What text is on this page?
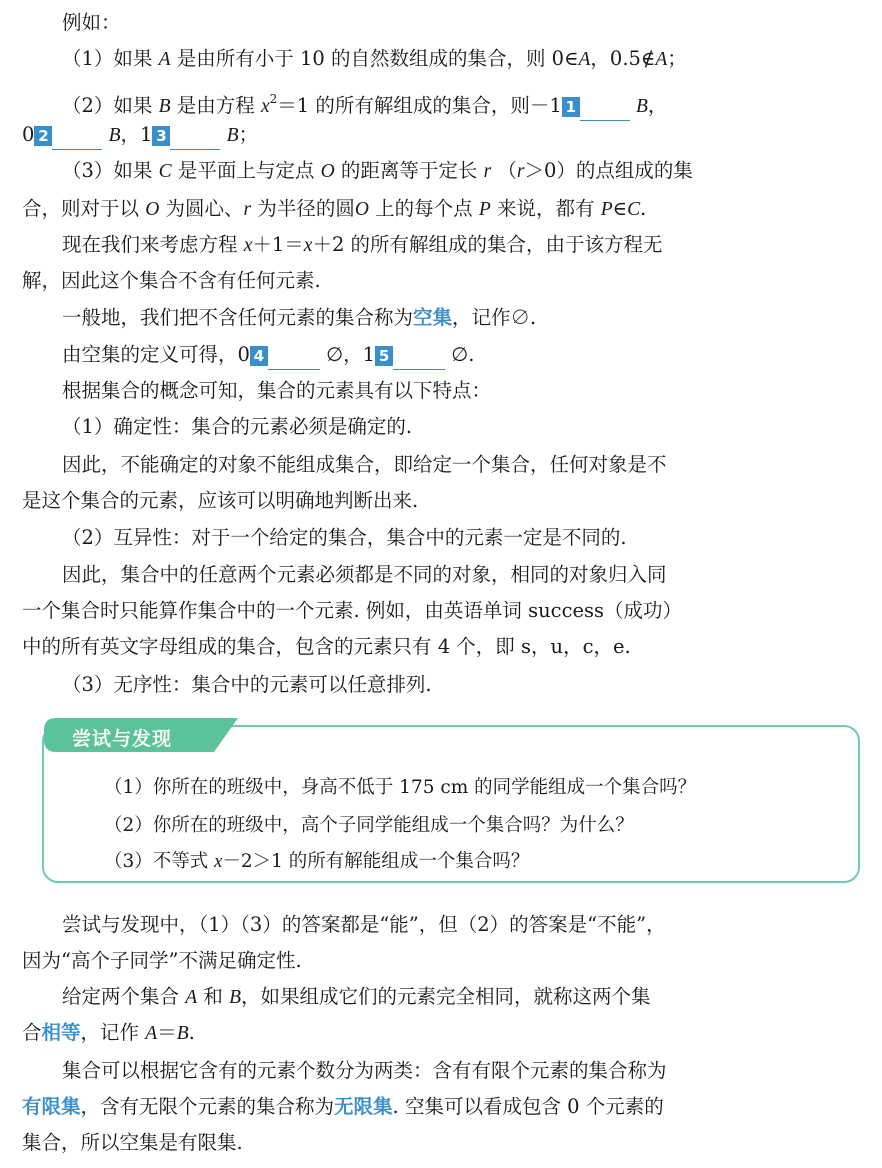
例如：
（1）如果 A 是由所有小于 10 的自然数组成的集合，则 0∈A，0.5∉A；
（2）如果 B 是由方程 $x^2=1$ 的所有解组成的集合，则－1 1	B，
0 2	B，1 3	B；
（3）如果 C 是平面上与定点 O 的距离等于定长 r （r＞0）的点组成的集
合，则对于以 O 为圆心、r 为半径的圆O 上的每个点 P 来说，都有 P∈C.
现在我们来考虑方程 x＋1＝x＋2 的所有解组成的集合，由于该方程无
解，因此这个集合不含有任何元素.
一般地，我们把不含任何元素的集合称为空集，记作∅.
由空集的定义可得，0 4	∅，1 5	∅.
根据集合的概念可知，集合的元素具有以下特点：
（1）确定性：集合的元素必须是确定的.
因此，不能确定的对象不能组成集合，即给定一个集合，任何对象是不
是这个集合的元素，应该可以明确地判断出来.
（2）互异性：对于一个给定的集合，集合中的元素一定是不同的.
因此，集合中的任意两个元素必须都是不同的对象，相同的对象归入同
一个集合时只能算作集合中的一个元素. 例如，由英语单词 success（成功）
中的所有英文字母组成的集合，包含的元素只有 4 个，即 s，u，c，e.
（3）无序性：集合中的元素可以任意排列.
尝试与发现
（1）你所在的班级中，身高不低于 175 cm 的同学能组成一个集合吗？
（2）你所在的班级中，高个子同学能组成一个集合吗？为什么？
（3）不等式 x－2＞1 的所有解能组成一个集合吗？
尝试与发现中，（1）（3）的答案都是“能”，但（2）的答案是“不能”，
因为“高个子同学”不满足确定性.
给定两个集合 A 和 B，如果组成它们的元素完全相同，就称这两个集
合相等，记作 A＝B.
集合可以根据它含有的元素个数分为两类：含有有限个元素的集合称为
有限集，含有无限个元素的集合称为无限集. 空集可以看成包含 0 个元素的
集合，所以空集是有限集.
